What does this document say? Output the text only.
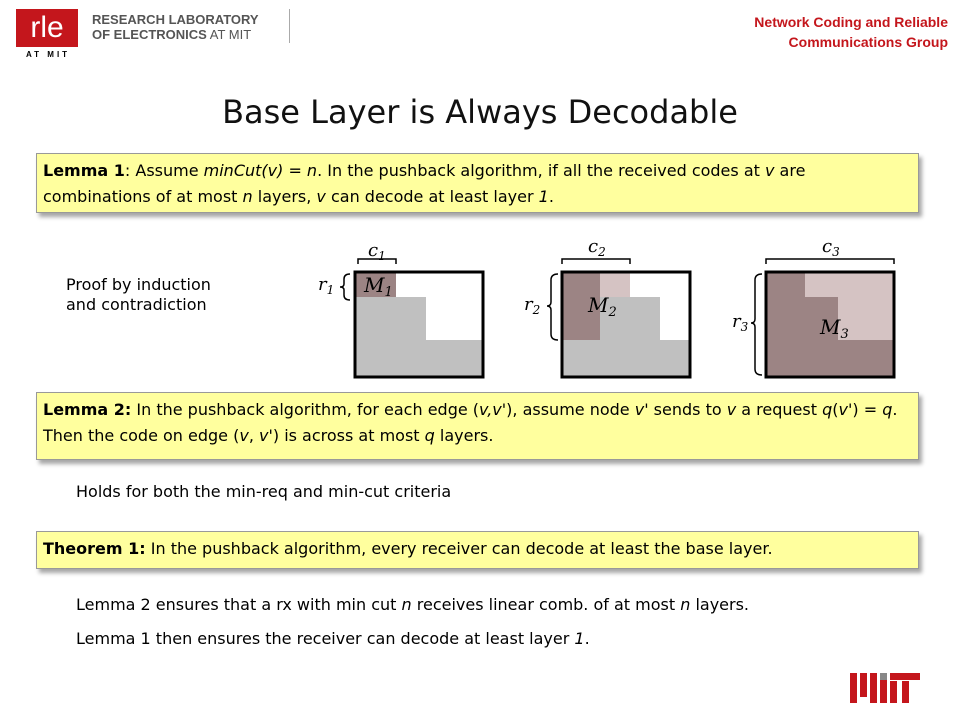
rle
AT MIT
RESEARCH LABORATORY
OF ELECTRONICS AT MIT
Network Coding and Reliable
Communications Group
Base Layer is Always Decodable
Lemma 1: Assume minCut(v) = n. In the pushback algorithm, if all the received codes at v are combinations of at most n layers, v can decode at least layer 1.
Proof by induction
and contradiction
$M_1$
$c_1$
$r_1$
$M_2$
$c_2$
$r_2$
$M_3$
$c_3$
$r_3$
Lemma 2: In the pushback algorithm, for each edge (v,v'), assume node v' sends to v a request q(v') = q. Then the code on edge (v, v') is across at most q layers.
Holds for both the min-req and min-cut criteria
Theorem 1: In the pushback algorithm, every receiver can decode at least the base layer.
Lemma 2 ensures that a rx with min cut n receives linear comb. of at most n layers.
Lemma 1 then ensures the receiver can decode at least layer 1.
